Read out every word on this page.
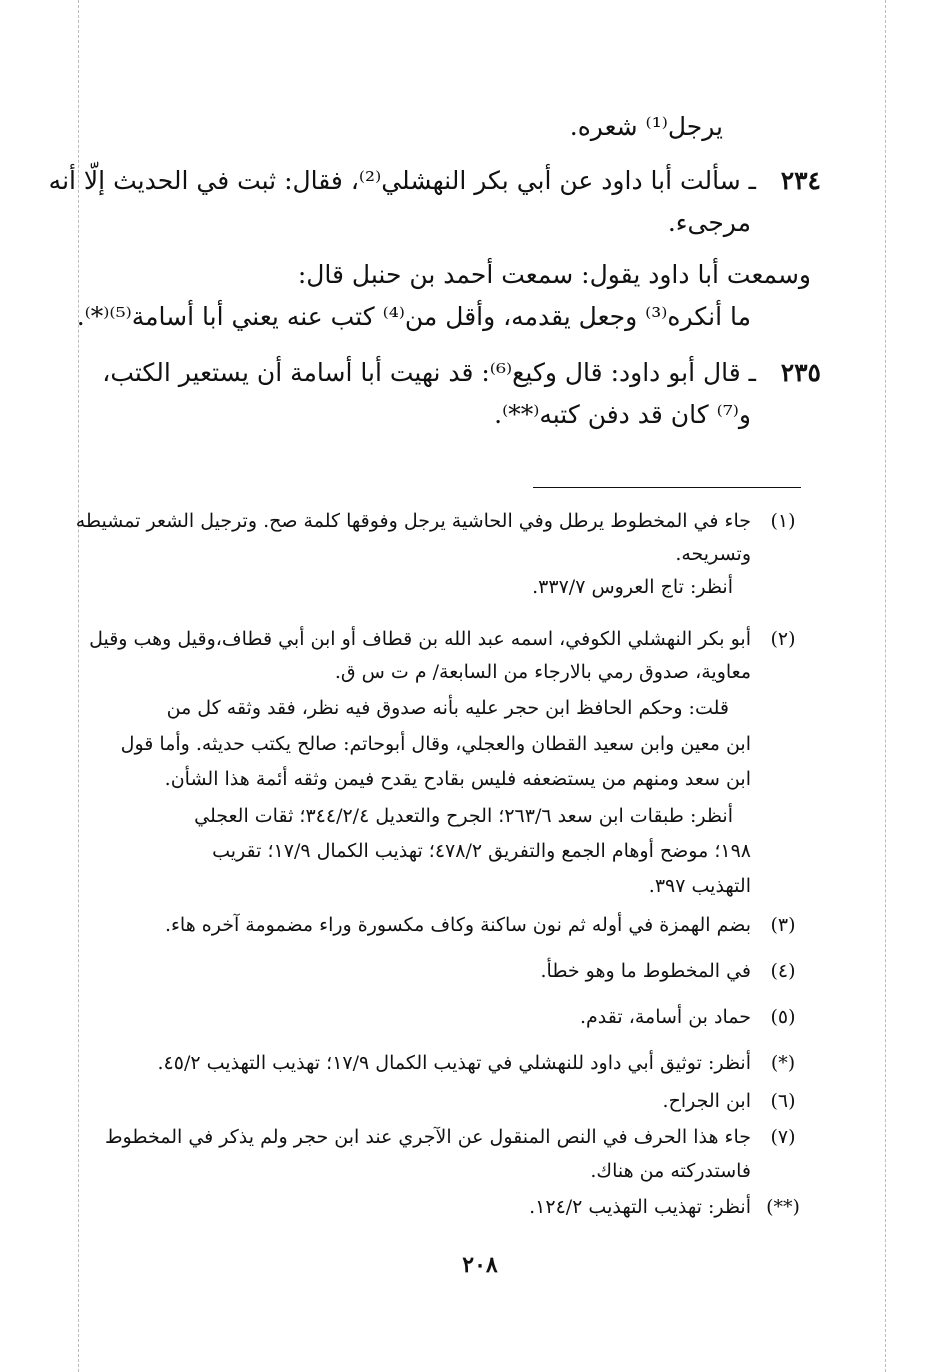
يرجل⁽¹⁾ شعره.
٢٣٤
ـ سألت أبا داود عن أبي بكر النهشلي⁽²⁾، فقال: ثبت في الحديث إلّا أنه
مرجىء.
وسمعت أبا داود يقول: سمعت أحمد بن حنبل قال:
ما أنكره⁽³⁾ وجعل يقدمه، وأقل من⁽⁴⁾ كتب عنه يعني أبا أسامة⁽⁵⁾⁽*⁾.
٢٣٥
ـ قال أبو داود: قال وكيع⁽⁶⁾: قد نهيت أبا أسامة أن يستعير الكتب،
و⁽⁷⁾ كان قد دفن كتبه⁽**⁾.
(١)
جاء في المخطوط يرطل وفي الحاشية يرجل وفوقها كلمة صح. وترجيل الشعر تمشيطه
وتسريحه.
أنظر: تاج العروس ٣٣٧/٧.
(٢)
أبو بكر النهشلي الكوفي، اسمه عبد الله بن قطاف أو ابن أبي قطاف،وقيل وهب وقيل
معاوية، صدوق رمي بالارجاء من السابعة/ م ت س ق.
قلت: وحكم الحافظ ابن حجر عليه بأنه صدوق فيه نظر، فقد وثقه كل من
ابن معين وابن سعيد القطان والعجلي، وقال أبوحاتم: صالح يكتب حديثه. وأما قول
ابن سعد ومنهم من يستضعفه فليس بقادح يقدح فيمن وثقه أئمة هذا الشأن.
أنظر: طبقات ابن سعد ٢٦٣/٦؛ الجرح والتعديل ٣٤٤/٢/٤؛ ثقات العجلي
١٩٨؛ موضح أوهام الجمع والتفريق ٤٧٨/٢؛ تهذيب الكمال ١٧/٩؛ تقريب
التهذيب ٣٩٧.
(٣)
بضم الهمزة في أوله ثم نون ساكنة وكاف مكسورة وراء مضمومة آخره هاء.
(٤)
في المخطوط ما وهو خطأ.
(٥)
حماد بن أسامة، تقدم.
(*)
أنظر: توثيق أبي داود للنهشلي في تهذيب الكمال ١٧/٩؛ تهذيب التهذيب ٤٥/٢.
(٦)
ابن الجراح.
(٧)
جاء هذا الحرف في النص المنقول عن الآجري عند ابن حجر ولم يذكر في المخطوط
فاستدركته من هناك.
(**)
أنظر: تهذيب التهذيب ١٢٤/٢.
٢٠٨
